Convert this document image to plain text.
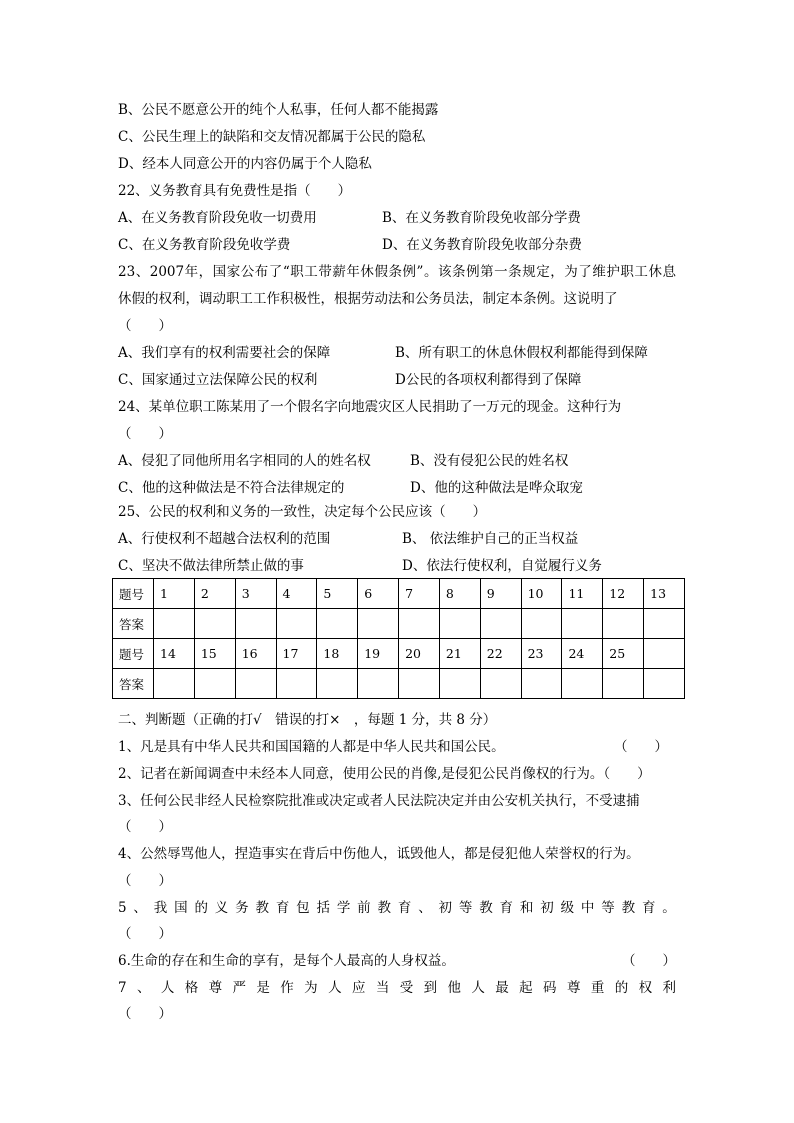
B、公民不愿意公开的纯个人私事，任何人都不能揭露
C、公民生理上的缺陷和交友情况都属于公民的隐私
D、经本人同意公开的内容仍属于个人隐私
22、义务教育具有免费性是指（　　）
A、在义务教育阶段免收一切费用	B、在义务教育阶段免收部分学费
C、在义务教育阶段免收学费	D、在义务教育阶段免收部分杂费
23、2007年，国家公布了“职工带薪年休假条例”。该条例第一条规定，为了维护职工休息
休假的权利，调动职工工作积极性，根据劳动法和公务员法，制定本条例。这说明了
（　　）
A、我们享有的权利需要社会的保障	B、所有职工的休息休假权利都能得到保障
C、国家通过立法保障公民的权利	D公民的各项权利都得到了保障
24、某单位职工陈某用了一个假名字向地震灾区人民捐助了一万元的现金。这种行为
（　　）
A、侵犯了同他所用名字相同的人的姓名权	B、没有侵犯公民的姓名权
C、他的这种做法是不符合法律规定的	D、他的这种做法是哗众取宠
25、公民的权利和义务的一致性，决定每个公民应该（　　）
A、行使权利不超越合法权利的范围	B、 依法维护自己的正当权益
C、坚决不做法律所禁止做的事	D、依法行使权利，自觉履行义务
题号	1	2	3	4	5	6	7	8	9	10	11	12	13
答案													
题号	14	15	16	17	18	19	20	21	22	23	24	25	
答案													
二、判断题（正确的打√　错误的打×　，每题 1 分，共 8 分）
1、凡是具有中华人民共和国国籍的人都是中华人民共和国公民。	（　　）
2、记者在新闻调查中未经本人同意，使用公民的肖像,是侵犯公民肖像权的行为。（　　）
3、任何公民非经人民检察院批准或决定或者人民法院决定并由公安机关执行，不受逮捕
（　　）
4、公然辱骂他人，捏造事实在背后中伤他人，诋毁他人，都是侵犯他人荣誉权的行为。
（　　）
5、我国的义务教育包括学前教育、初等教育和初级中等教育。
（　　）
6.生命的存在和生命的享有，是每个人最高的人身权益。	（　　）
7、人格尊严是作为人应当受到他人最起码尊重的权利
（　　）
